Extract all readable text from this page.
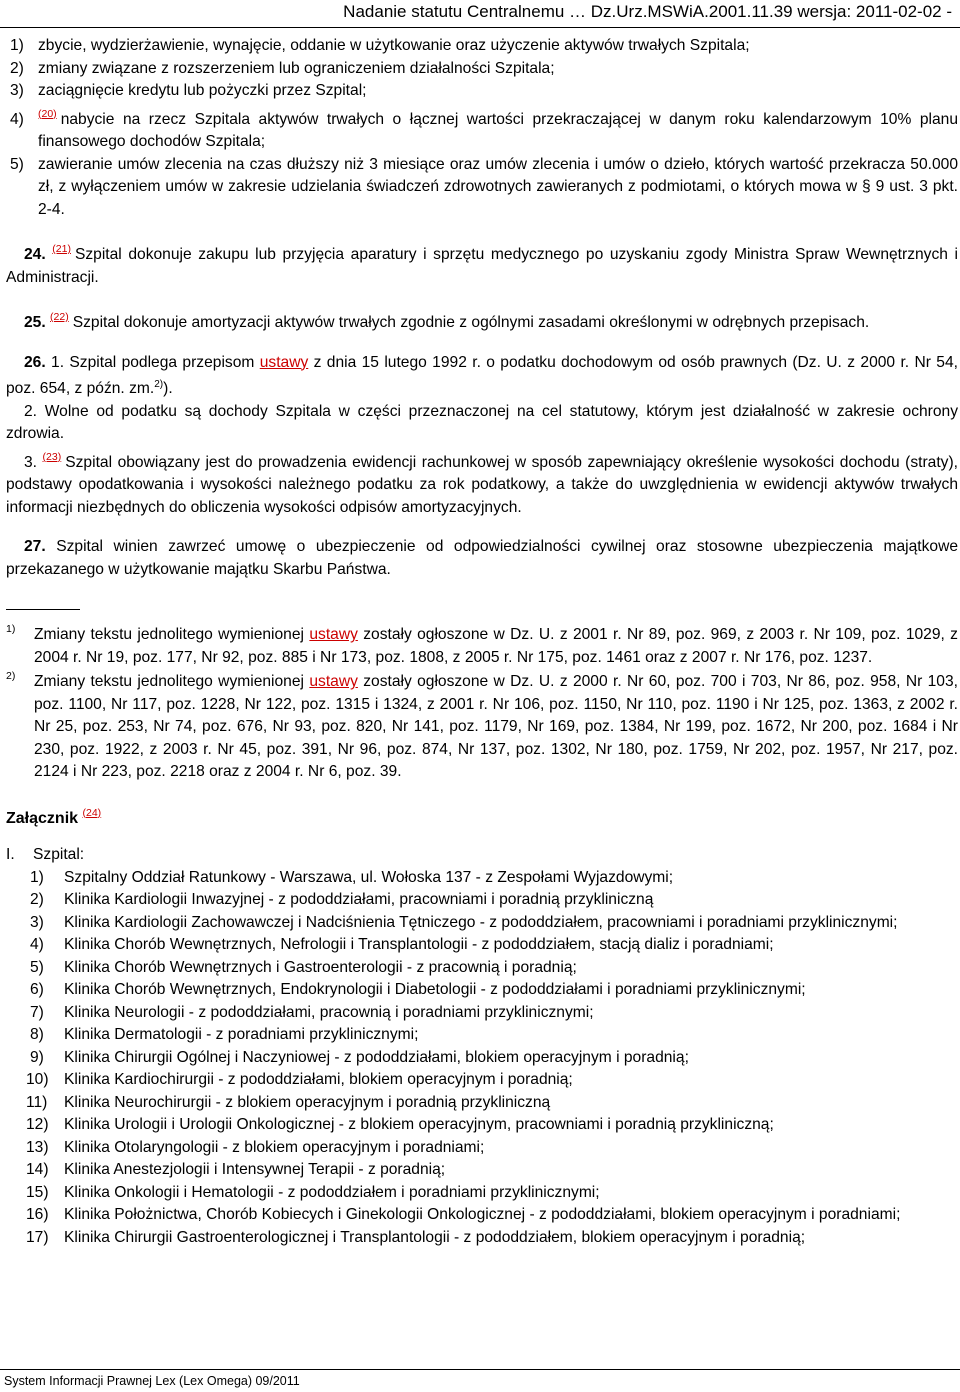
Nadanie statutu Centralnemu … Dz.Urz.MSWiA.2001.11.39 wersja: 2011-02-02 -

1) zbycie, wydzierżawienie, wynajęcie, oddanie w użytkowanie oraz użyczenie aktywów trwałych Szpitala;

2) zmiany związane z rozszerzeniem lub ograniczeniem działalności Szpitala;

3) zaciągnięcie kredytu lub pożyczki przez Szpital;

4) $^{(20)}$ nabycie na rzecz Szpitala aktywów trwałych o łącznej wartości przekraczającej w danym roku kalendarzowym 10% planu finansowego dochodów Szpitala;

5) zawieranie umów zlecenia na czas dłuższy niż 3 miesiące oraz umów zlecenia i umów o dzieło, których wartość przekracza 50.000 zł, z wyłączeniem umów w zakresie udzielania świadczeń zdrowotnych zawieranych z podmiotami, o których mowa w § 9 ust. 3 pkt. 2-4.

24. $^{(21)}$ Szpital dokonuje zakupu lub przyjęcia aparatury i sprzętu medycznego po uzyskaniu zgody Ministra Spraw Wewnętrznych i Administracji.

25. $^{(22)}$ Szpital dokonuje amortyzacji aktywów trwałych zgodnie z ogólnymi zasadami określonymi w odrębnych przepisach.

26. 1. Szpital podlega przepisom ustawy z dnia 15 lutego 1992 r. o podatku dochodowym od osób prawnych (Dz. U. z 2000 r. Nr 54, poz. 654, z późn. zm.$^{2)}$).

2. Wolne od podatku są dochody Szpitala w części przeznaczonej na cel statutowy, którym jest działalność w zakresie ochrony zdrowia.

3. $^{(23)}$ Szpital obowiązany jest do prowadzenia ewidencji rachunkowej w sposób zapewniający określenie wysokości dochodu (straty), podstawy opodatkowania i wysokości należnego podatku za rok podatkowy, a także do uwzględnienia w ewidencji aktywów trwałych informacji niezbędnych do obliczenia wysokości odpisów amortyzacyjnych.

27. Szpital winien zawrzeć umowę o ubezpieczenie od odpowiedzialności cywilnej oraz stosowne ubezpieczenia majątkowe przekazanego w użytkowanie majątku Skarbu Państwa.

1) Zmiany tekstu jednolitego wymienionej ustawy zostały ogłoszone w Dz. U. z 2001 r. Nr 89, poz. 969, z 2003 r. Nr 109, poz. 1029, z 2004 r. Nr 19, poz. 177, Nr 92, poz. 885 i Nr 173, poz. 1808, z 2005 r. Nr 175, poz. 1461 oraz z 2007 r. Nr 176, poz. 1237.

2) Zmiany tekstu jednolitego wymienionej ustawy zostały ogłoszone w Dz. U. z 2000 r. Nr 60, poz. 700 i 703, Nr 86, poz. 958, Nr 103, poz. 1100, Nr 117, poz. 1228, Nr 122, poz. 1315 i 1324, z 2001 r. Nr 106, poz. 1150, Nr 110, poz. 1190 i Nr 125, poz. 1363, z 2002 r. Nr 25, poz. 253, Nr 74, poz. 676, Nr 93, poz. 820, Nr 141, poz. 1179, Nr 169, poz. 1384, Nr 199, poz. 1672, Nr 200, poz. 1684 i Nr 230, poz. 1922, z 2003 r. Nr 45, poz. 391, Nr 96, poz. 874, Nr 137, poz. 1302, Nr 180, poz. 1759, Nr 202, poz. 1957, Nr 217, poz. 2124 i Nr 223, poz. 2218 oraz z 2004 r. Nr 6, poz. 39.

Załącznik $^{(24)}$

I. Szpital:

1) Szpitalny Oddział Ratunkowy - Warszawa, ul. Wołoska 137 - z Zespołami Wyjazdowymi;

2) Klinika Kardiologii Inwazyjnej - z pododdziałami, pracowniami i poradnią przykliniczną

3) Klinika Kardiologii Zachowawczej i Nadciśnienia Tętniczego - z pododdziałem, pracowniami i poradniami przyklinicznymi;

4) Klinika Chorób Wewnętrznych, Nefrologii i Transplantologii - z pododdziałem, stacją dializ i poradniami;

5) Klinika Chorób Wewnętrznych i Gastroenterologii - z pracownią i poradnią;

6) Klinika Chorób Wewnętrznych, Endokrynologii i Diabetologii - z pododdziałami i poradniami przyklinicznymi;

7) Klinika Neurologii - z pododdziałami, pracownią i poradniami przyklinicznymi;

8) Klinika Dermatologii - z poradniami przyklinicznymi;

9) Klinika Chirurgii Ogólnej i Naczyniowej - z pododdziałami, blokiem operacyjnym i poradnią;

10) Klinika Kardiochirurgii - z pododdziałami, blokiem operacyjnym i poradnią;

11) Klinika Neurochirurgii - z blokiem operacyjnym i poradnią przykliniczną

12) Klinika Urologii i Urologii Onkologicznej - z blokiem operacyjnym, pracowniami i poradnią przykliniczną;

13) Klinika Otolaryngologii - z blokiem operacyjnym i poradniami;

14) Klinika Anestezjologii i Intensywnej Terapii - z poradnią;

15) Klinika Onkologii i Hematologii - z pododdziałem i poradniami przyklinicznymi;

16) Klinika Położnictwa, Chorób Kobiecych i Ginekologii Onkologicznej - z pododdziałami, blokiem operacyjnym i poradniami;

17) Klinika Chirurgii Gastroenterologicznej i Transplantologii - z pododdziałem, blokiem operacyjnym i poradnią;

System Informacji Prawnej Lex (Lex Omega) 09/2011
